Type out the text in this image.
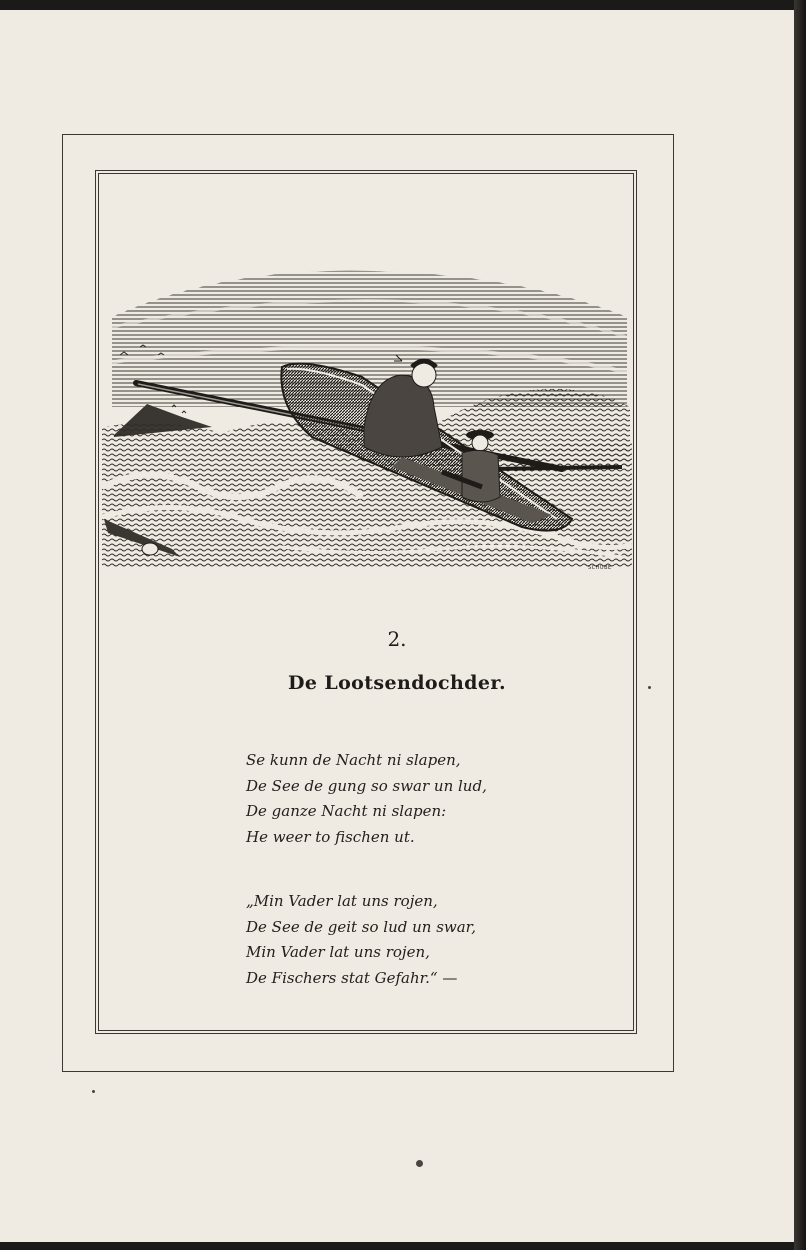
SCHUBE
2.
De Lootsendochder.
Se kunn de Nacht ni slapen,
De See de gung so swar un lud,
De ganze Nacht ni slapen:
He weer to fischen ut.
„Min Vader lat uns rojen,
De See de geit so lud un swar,
Min Vader lat uns rojen,
De Fischers stat Gefahr.“ —
